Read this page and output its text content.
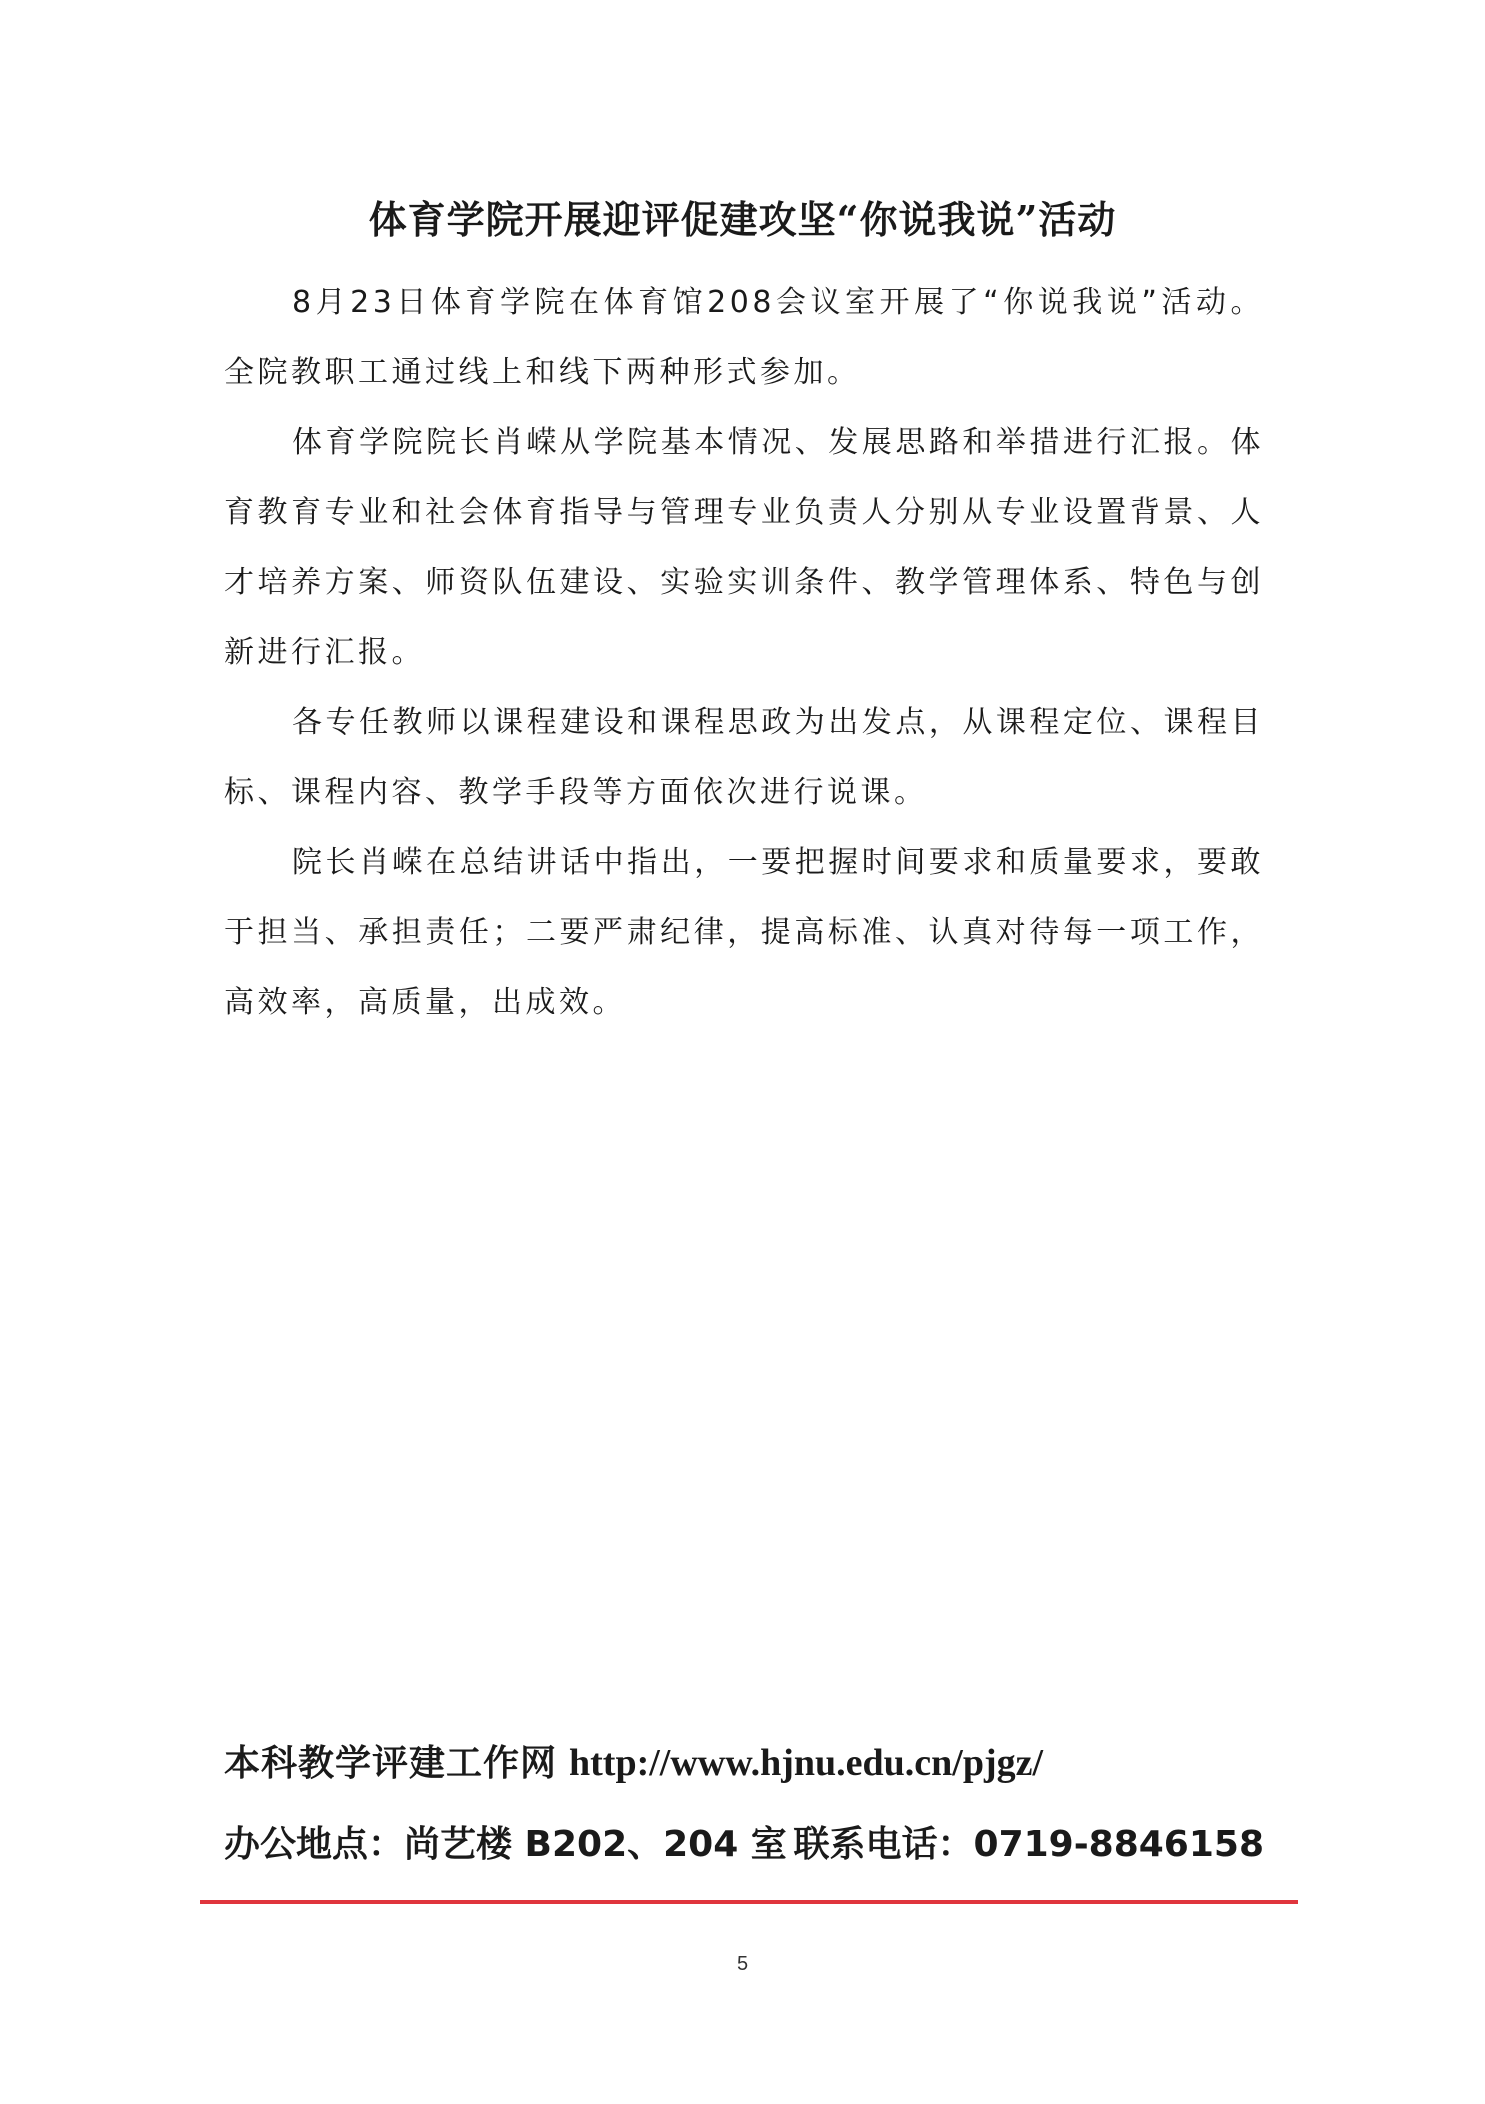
体育学院开展迎评促建攻坚“你说我说”活动

8月23日体育学院在体育馆208会议室开展了“你说我说”活动。全院教职工通过线上和线下两种形式参加。

体育学院院长肖嵘从学院基本情况、发展思路和举措进行汇报。体育教育专业和社会体育指导与管理专业负责人分别从专业设置背景、人才培养方案、师资队伍建设、实验实训条件、教学管理体系、特色与创新进行汇报。

各专任教师以课程建设和课程思政为出发点，从课程定位、课程目标、课程内容、教学手段等方面依次进行说课。

院长肖嵘在总结讲话中指出，一要把握时间要求和质量要求，要敢于担当、承担责任；二要严肃纪律，提高标准、认真对待每一项工作，高效率，高质量，出成效。

本科教学评建工作网 http://www.hjnu.edu.cn/pjgz/
办公地点：尚艺楼 B202、204 室 联系电话：0719-8846158
5
